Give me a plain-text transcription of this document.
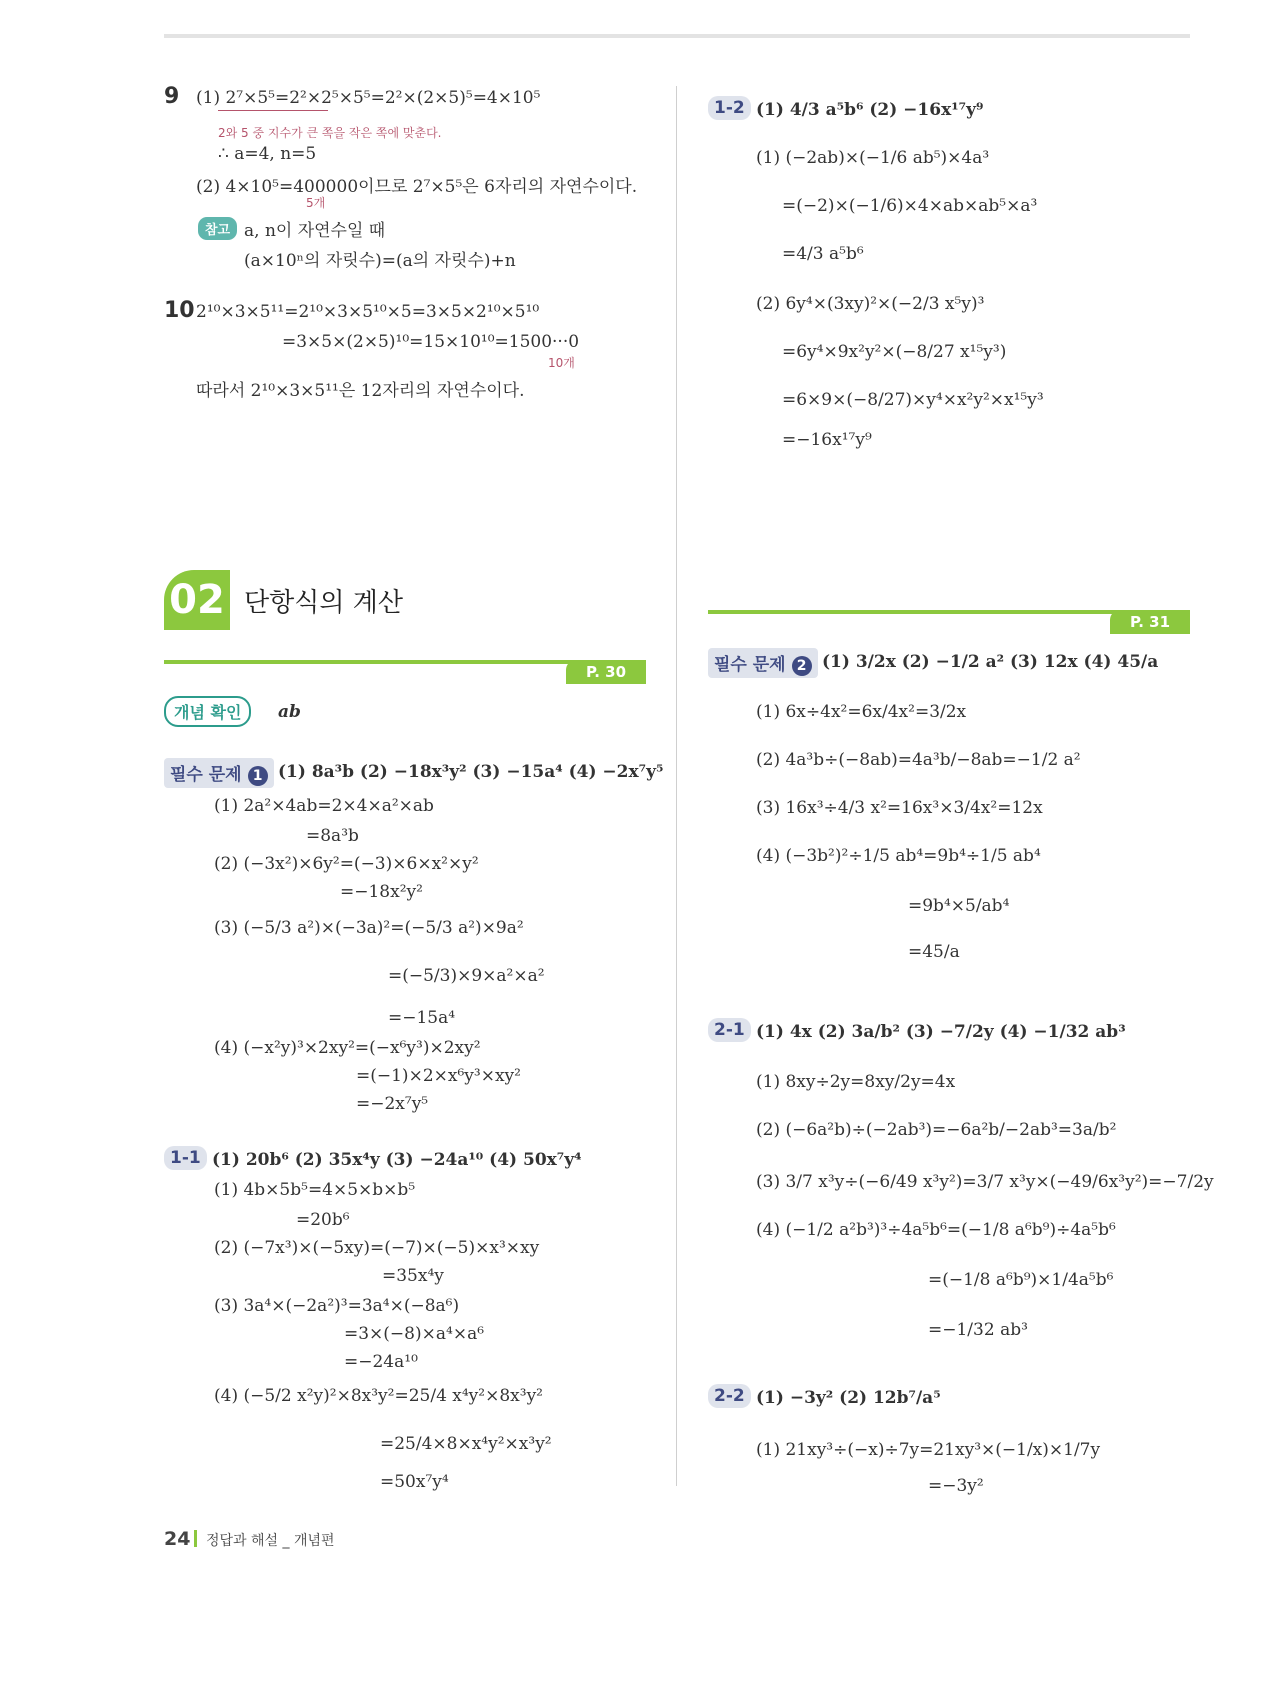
9 (1) 2⁷×5⁵=2²×2⁵×5⁵=2²×(2×5)⁵=4×10⁵
2와 5 중 지수가 큰 쪽을 작은 쪽에 맞춘다.
∴ a=4, n=5
(2) 4×10⁵=400000이므로 2⁷×5⁵은 6자리의 자연수이다.
5개
참고 a, n이 자연수일 때
(a×10ⁿ의 자릿수)=(a의 자릿수)+n
10 2¹⁰×3×5¹¹=2¹⁰×3×5¹⁰×5=3×5×2¹⁰×5¹⁰
=3×5×(2×5)¹⁰=15×10¹⁰=1500···0
10개
따라서 2¹⁰×3×5¹¹은 12자리의 자연수이다.
02 단항식의 계산
P. 30
개념 확인	ab
필수 문제 1 (1) 8a³b (2) −18x³y² (3) −15a⁴ (4) −2x⁷y⁵
(1) 2a²×4ab=2×4×a²×ab
=8a³b
(2) (−3x²)×6y²=(−3)×6×x²×y²
=−18x²y²
(3) (−5/3 a²)×(−3a)²=(−5/3 a²)×9a²
=(−5/3)×9×a²×a²
=−15a⁴
(4) (−x²y)³×2xy²=(−x⁶y³)×2xy²
=(−1)×2×x⁶y³×xy²
=−2x⁷y⁵
1-1 (1) 20b⁶ (2) 35x⁴y (3) −24a¹⁰ (4) 50x⁷y⁴
(1) 4b×5b⁵=4×5×b×b⁵
=20b⁶
(2) (−7x³)×(−5xy)=(−7)×(−5)×x³×xy
=35x⁴y
(3) 3a⁴×(−2a²)³=3a⁴×(−8a⁶)
=3×(−8)×a⁴×a⁶
=−24a¹⁰
(4) (−5/2 x²y)²×8x³y²=25/4 x⁴y²×8x³y²
=25/4×8×x⁴y²×x³y²
=50x⁷y⁴
1-2 (1) 4/3 a⁵b⁶ (2) −16x¹⁷y⁹
(1) (−2ab)×(−1/6 ab⁵)×4a³
=(−2)×(−1/6)×4×ab×ab⁵×a³
=4/3 a⁵b⁶
(2) 6y⁴×(3xy)²×(−2/3 x⁵y)³
=6y⁴×9x²y²×(−8/27 x¹⁵y³)
=6×9×(−8/27)×y⁴×x²y²×x¹⁵y³
=−16x¹⁷y⁹
P. 31
필수 문제 2 (1) 3/2x (2) −1/2 a² (3) 12x (4) 45/a
(1) 6x÷4x²=6x/4x²=3/2x
(2) 4a³b÷(−8ab)=4a³b/−8ab=−1/2 a²
(3) 16x³÷4/3 x²=16x³×3/4x²=12x
(4) (−3b²)²÷1/5 ab⁴=9b⁴÷1/5 ab⁴
=9b⁴×5/ab⁴
=45/a
2-1 (1) 4x (2) 3a/b² (3) −7/2y (4) −1/32 ab³
(1) 8xy÷2y=8xy/2y=4x
(2) (−6a²b)÷(−2ab³)=−6a²b/−2ab³=3a/b²
(3) 3/7 x³y÷(−6/49 x³y²)=3/7 x³y×(−49/6x³y²)=−7/2y
(4) (−1/2 a²b³)³÷4a⁵b⁶=(−1/8 a⁶b⁹)÷4a⁵b⁶
=(−1/8 a⁶b⁹)×1/4a⁵b⁶
=−1/32 ab³
2-2 (1) −3y² (2) 12b⁷/a⁵
(1) 21xy³÷(−x)÷7y=21xy³×(−1/x)×1/7y
=−3y²
24 정답과 해설 _ 개념편
